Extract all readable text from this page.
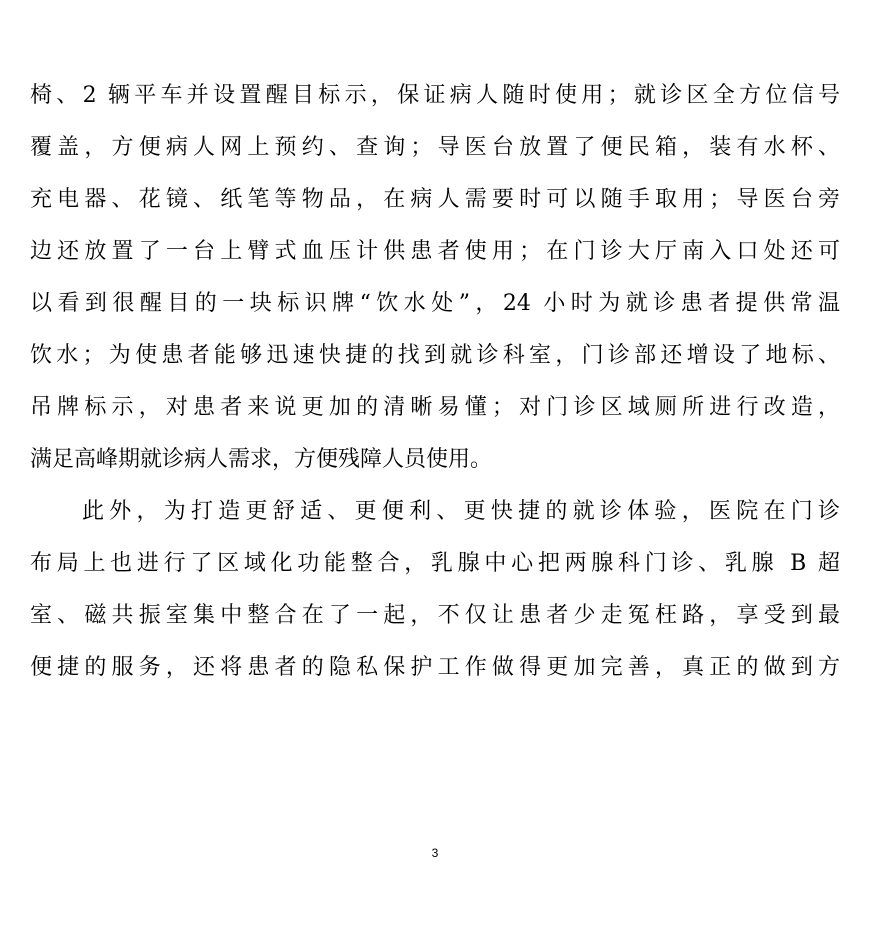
椅、2 辆平车并设置醒目标示，保证病人随时使用；就诊区全方位信号
覆盖，方便病人网上预约、查询；导医台放置了便民箱，装有水杯、
充电器、花镜、纸笔等物品，在病人需要时可以随手取用；导医台旁
边还放置了一台上臂式血压计供患者使用；在门诊大厅南入口处还可
以看到很醒目的一块标识牌“饮水处”，24 小时为就诊患者提供常温
饮水；为使患者能够迅速快捷的找到就诊科室，门诊部还增设了地标、
吊牌标示，对患者来说更加的清晰易懂；对门诊区域厕所进行改造，
满足高峰期就诊病人需求，方便残障人员使用。
此外，为打造更舒适、更便利、更快捷的就诊体验，医院在门诊
布局上也进行了区域化功能整合，乳腺中心把两腺科门诊、乳腺 B 超
室、磁共振室集中整合在了一起，不仅让患者少走冤枉路，享受到最
便捷的服务，还将患者的隐私保护工作做得更加完善，真正的做到方
3
